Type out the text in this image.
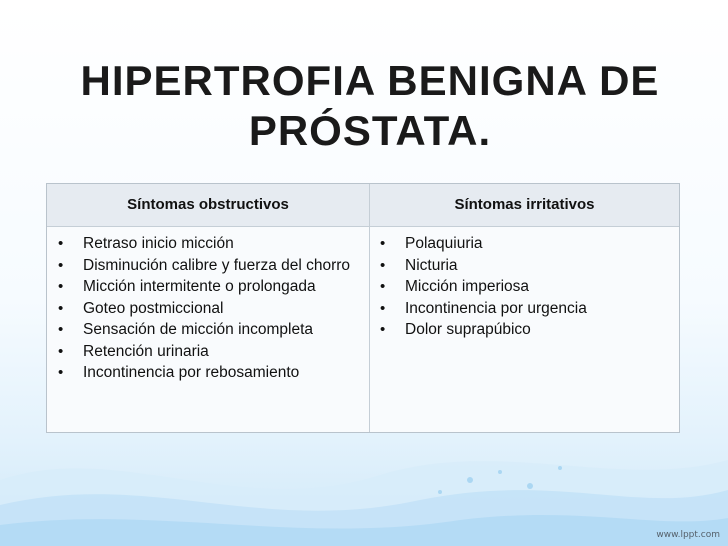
HIPERTROFIA BENIGNA DE
PRÓSTATA.
Síntomas obstructivos	Síntomas irritativos
• Retraso inicio micción
• Disminución calibre y fuerza del chorro
• Micción intermitente o prolongada
• Goteo postmiccional
• Sensación de micción incompleta
• Retención urinaria
• Incontinencia por rebosamiento
• Polaquiuria
• Nicturia
• Micción imperiosa
• Incontinencia por urgencia
• Dolor suprapúbico
www.lppt.com
